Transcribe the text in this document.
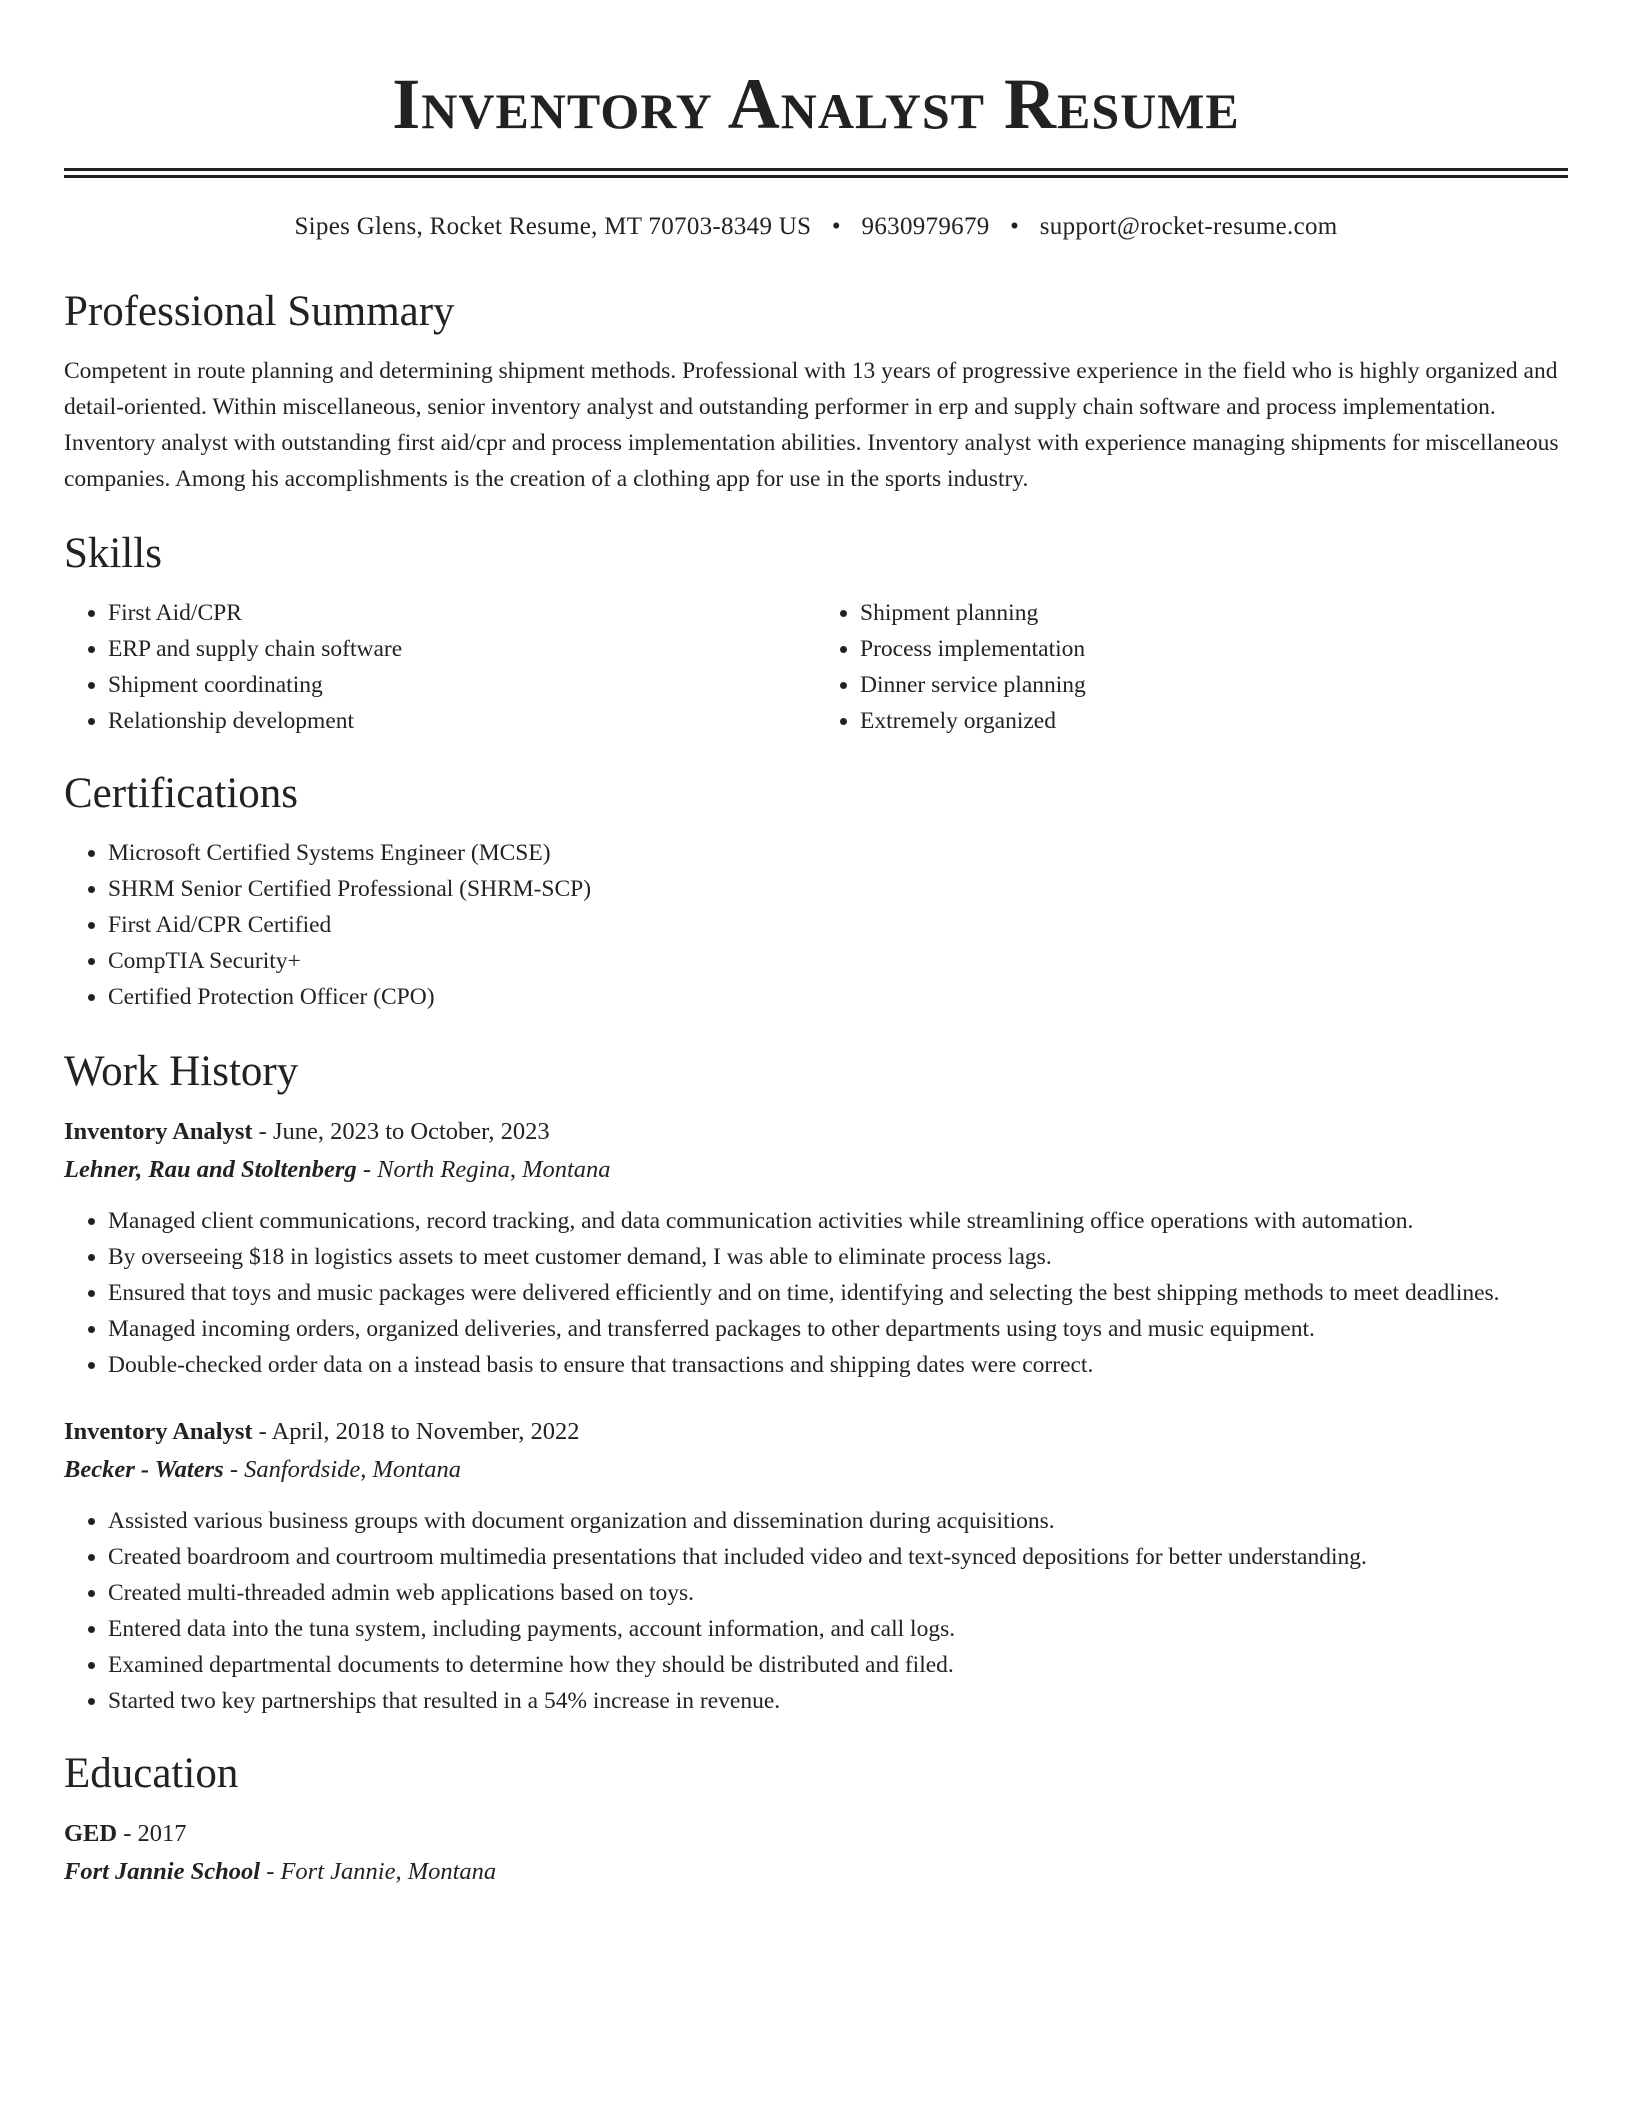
Inventory Analyst Resume
Sipes Glens, Rocket Resume, MT 70703-8349 US • 9630979679 • support@rocket-resume.com
Professional Summary

Competent in route planning and determining shipment methods. Professional with 13 years of progressive experience in the field who is highly organized and detail-oriented. Within miscellaneous, senior inventory analyst and outstanding performer in erp and supply chain software and process implementation. Inventory analyst with outstanding first aid/cpr and process implementation abilities. Inventory analyst with experience managing shipments for miscellaneous companies. Among his accomplishments is the creation of a clothing app for use in the sports industry.

Skills
• First Aid/CPR
• ERP and supply chain software
• Shipment coordinating
• Relationship development
• Shipment planning
• Process implementation
• Dinner service planning
• Extremely organized
Certifications
• Microsoft Certified Systems Engineer (MCSE)
• SHRM Senior Certified Professional (SHRM-SCP)
• First Aid/CPR Certified
• CompTIA Security+
• Certified Protection Officer (CPO)
Work History
Inventory Analyst - June, 2023 to October, 2023
Lehner, Rau and Stoltenberg - North Regina, Montana
• Managed client communications, record tracking, and data communication activities while streamlining office operations with automation.
• By overseeing $18 in logistics assets to meet customer demand, I was able to eliminate process lags.
• Ensured that toys and music packages were delivered efficiently and on time, identifying and selecting the best shipping methods to meet deadlines.
• Managed incoming orders, organized deliveries, and transferred packages to other departments using toys and music equipment.
• Double-checked order data on a instead basis to ensure that transactions and shipping dates were correct.
Inventory Analyst - April, 2018 to November, 2022
Becker - Waters - Sanfordside, Montana
• Assisted various business groups with document organization and dissemination during acquisitions.
• Created boardroom and courtroom multimedia presentations that included video and text-synced depositions for better understanding.
• Created multi-threaded admin web applications based on toys.
• Entered data into the tuna system, including payments, account information, and call logs.
• Examined departmental documents to determine how they should be distributed and filed.
• Started two key partnerships that resulted in a 54% increase in revenue.
Education
GED - 2017
Fort Jannie School - Fort Jannie, Montana
